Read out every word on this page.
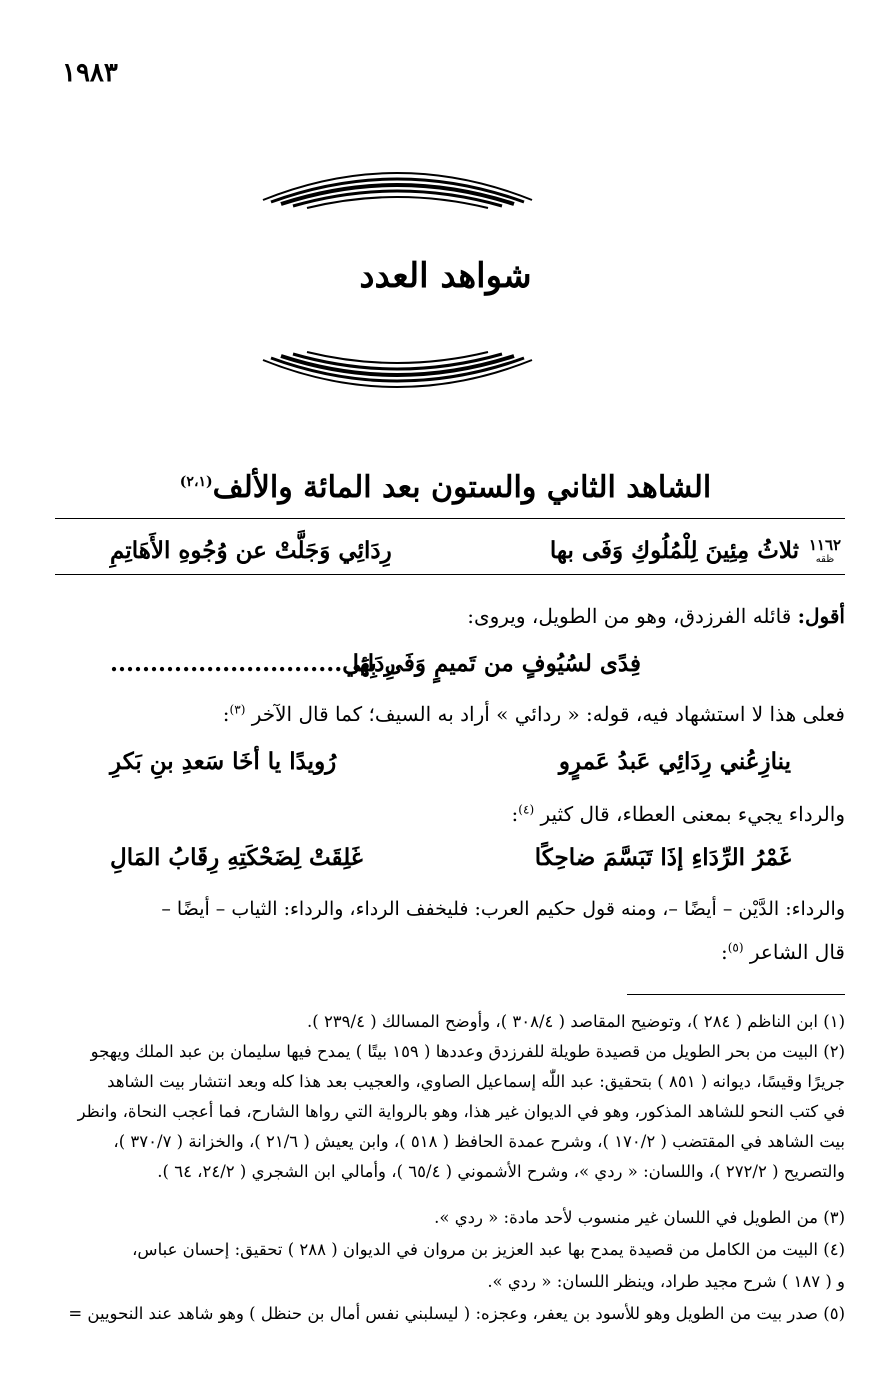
١٩٨٣
شواهد العدد
الشاهد الثاني والستون بعد المائة والألف$^{(٢،١)}$
١١٦٢
ظقه
ثلاثُ مِئِينَ لِلْمُلُوكِ وَفَى بها
رِدَائِي وَجَلَّتْ عن وُجُوهِ الأَهَاتِمِ
أقول: قائله الفرزدق، وهو من الطويل، ويروى:
فِدًى لسُيُوفٍ من تَميمٍ وَفَى بِهَا
رِدَائِي.............................
فعلى هذا لا استشهاد فيه، قوله: « ردائي » أراد به السيف؛ كما قال الآخر $^{(٣)}$:
ينازِعُني رِدَائِي عَبدُ عَمرٍو
رُويدًا يا أخَا سَعدِ بنِ بَكرِ
والرداء يجيء بمعنى العطاء، قال كثير $^{(٤)}$:
غَمْرُ الرِّدَاءِ إذَا تَبَسَّمَ ضاحِكًا
غَلِقَتْ لِضَحْكَتِهِ رِقَابُ المَالِ
والرداء: الدَّيْن – أيضًا –، ومنه قول حكيم العرب: فليخفف الرداء، والرداء: الثياب – أيضًا –
قال الشاعر $^{(٥)}$:
(١) ابن الناظم ( ٢٨٤ )، وتوضيح المقاصد ( ٣٠٨/٤ )، وأوضح المسالك ( ٢٣٩/٤ ).
(٢) البيت من بحر الطويل من قصيدة طويلة للفرزدق وعددها ( ١٥٩ بيتًا ) يمدح فيها سليمان بن عبد الملك ويهجو
جريرًا وقيسًا، ديوانه ( ٨٥١ ) بتحقيق: عبد اللّٰه إسماعيل الصاوي، والعجيب بعد هذا كله وبعد انتشار بيت الشاهد
في كتب النحو للشاهد المذكور، وهو في الديوان غير هذا، وهو بالرواية التي رواها الشارح، فما أعجب النحاة، وانظر
بيت الشاهد في المقتضب ( ١٧٠/٢ )، وشرح عمدة الحافظ ( ٥١٨ )، وابن يعيش ( ٢١/٦ )، والخزانة ( ٣٧٠/٧ )،
والتصريح ( ٢٧٢/٢ )، واللسان: « ردي »، وشرح الأشموني ( ٦٥/٤ )، وأمالي ابن الشجري ( ٢٤/٢، ٦٤ ).
(٣) من الطويل في اللسان غير منسوب لأحد مادة: « ردي ».
(٤) البيت من الكامل من قصيدة يمدح بها عبد العزيز بن مروان في الديوان ( ٢٨٨ ) تحقيق: إحسان عباس،
و ( ١٨٧ ) شرح مجيد طراد، وينظر اللسان: « ردي ».
(٥) صدر بيت من الطويل وهو للأسود بن يعفر، وعجزه: ( ليسلبني نفس أمال بن حنظل ) وهو شاهد عند النحويين =
